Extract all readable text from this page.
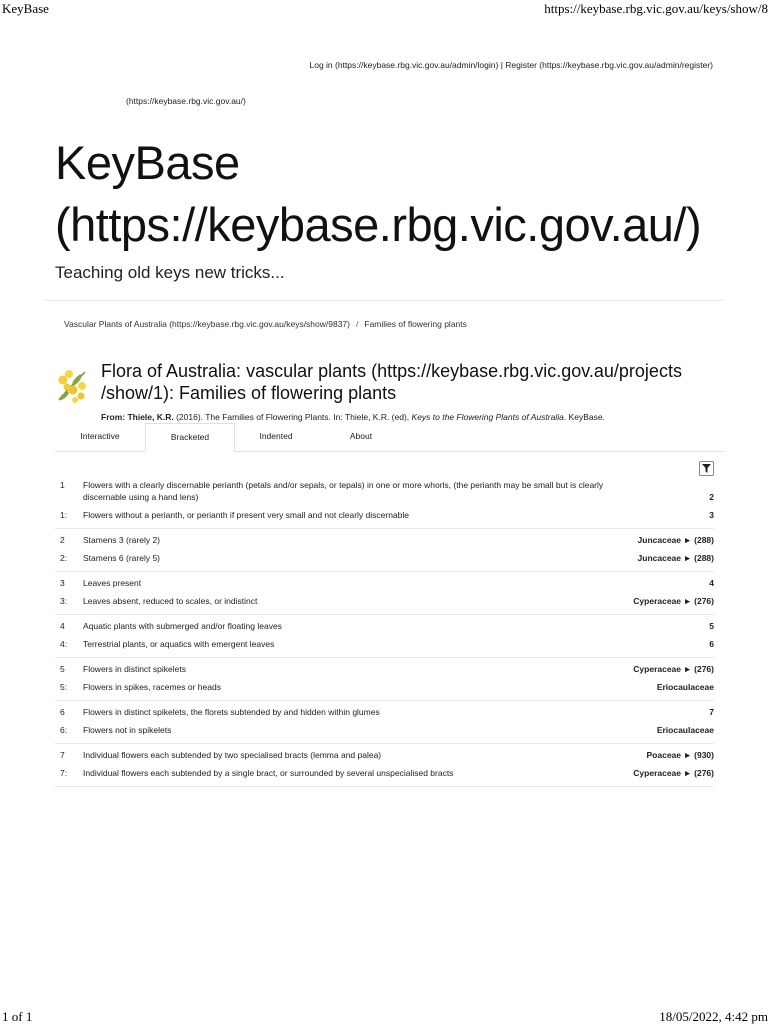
KeyBase	https://keybase.rbg.vic.gov.au/keys/show/8
Log in (https://keybase.rbg.vic.gov.au/admin/login) | Register (https://keybase.rbg.vic.gov.au/admin/register)
(https://keybase.rbg.vic.gov.au/)
KeyBase
(https://keybase.rbg.vic.gov.au/)
Teaching old keys new tricks...
Vascular Plants of Australia (https://keybase.rbg.vic.gov.au/keys/show/9837) / Families of flowering plants
Flora of Australia: vascular plants (https://keybase.rbg.vic.gov.au/projects /show/1): Families of flowering plants
From: Thiele, K.R. (2016). The Families of Flowering Plants. In: Thiele, K.R. (ed), Keys to the Flowering Plants of Australia. KeyBase.
Interactive	Bracketed	Indented	About
1	Flowers with a clearly discernable perianth (petals and/or sepals, or tepals) in one or more whorls, (the perianth may be small but is clearly discernable using a hand lens)	2
1:	Flowers without a perianth, or perianth if present very small and not clearly discernable	3
2	Stamens 3 (rarely 2)	Juncaceae ► (288)
2:	Stamens 6 (rarely 5)	Juncaceae ► (288)
3	Leaves present	4
3:	Leaves absent, reduced to scales, or indistinct	Cyperaceae ► (276)
4	Aquatic plants with submerged and/or floating leaves	5
4:	Terrestrial plants, or aquatics with emergent leaves	6
5	Flowers in distinct spikelets	Cyperaceae ► (276)
5:	Flowers in spikes, racemes or heads	Eriocaulaceae
6	Flowers in distinct spikelets, the florets subtended by and hidden within glumes	7
6:	Flowers not in spikelets	Eriocaulaceae
7	Individual flowers each subtended by two specialised bracts (lemma and palea)	Poaceae ► (930)
7:	Individual flowers each subtended by a single bract, or surrounded by several unspecialised bracts	Cyperaceae ► (276)
1 of 1	18/05/2022, 4:42 pm
